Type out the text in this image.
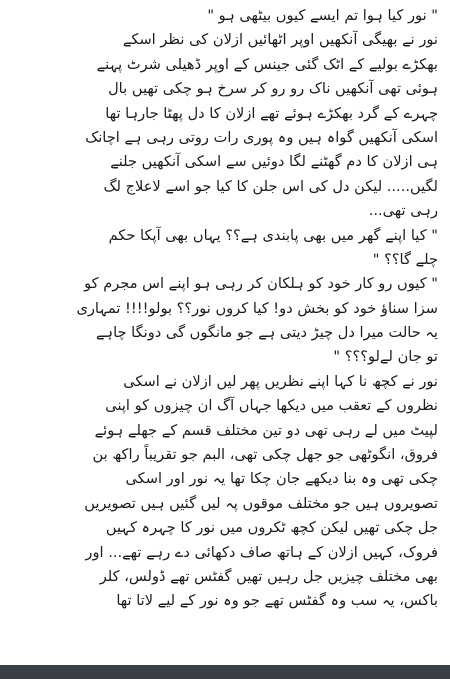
" نور کیا ہوا تم ایسے کیوں بیٹھی ہو "
نور نے بھیگی آنکھیں اوپر اٹھائیں ازلان کی نظر اسکے
بھکڑے بولیے کے اٹک گئی جینس کے اوپر ڈھیلی شرٹ پہنے
ہوئی تھی آنکھیں ناک رو رو کر سرخ ہو چکی تھیں بال
چہرے کے گرد بھکڑے ہوئے تھے ازلان کا دل پھٹا جارہا تھا
اسکی آنکھیں گواہ ہیں وہ پوری رات روتی رہی ہے اچانک
ہی ازلان کا دم گھٹنے لگا دوئیں سے اسکی آنکھیں جلنے
لگیں..... لیکن دل کی اس جلن کا کیا جو اسے لاعلاج لگ
رہی تھی...
" کیا اپنے گھر میں بھی پابندی ہے؟؟ یہاں بھی آپکا حکم
چلے گا؟؟ "
" کیوں رو کار خود کو ہلکان کر رہی ہو اپنے اس مجرم کو
سزا سناؤ خود کو بخش دو! کیا کروں نور؟؟ بولو!!!! تمہاری
یہ حالت میرا دل چیڑ دیتی ہے جو مانگوں گی دونگا چاہے
تو جان لےلو؟؟؟ "
نور نے کچھ نا کہا اپنے نظریں پھر لیں ازلان نے اسکی
نظروں کے تعقب میں دیکھا جہاں آگ ان چیزوں کو اپنی
لپیٹ میں لے رہی تھی دو تین مختلف قسم کے جھلے ہوئے
فروق، انگوٹھی جو جھل چکی تھی، البم جو تقریباً راکھ بن
چکی تھی وہ بنا دیکھے جان چکا تھا یہ نور اور اسکی
تصویروں ہیں جو مختلف موقوں پہ لیں گئیں ہیں تصویریں
جل چکی تھیں لیکن کچھ ٹکروں میں نور کا چہرہ کہیں
فروک، کہیں ازلان کے ہاتھ صاف دکھائی دے رہے تھے... اور
بھی مختلف چیزیں جل رہیں تھیں گفٹس تھے ڈولس، کلر
باکس، یہ سب وہ گفٹس تھے جو وہ نور کے لیے لاتا تھا
